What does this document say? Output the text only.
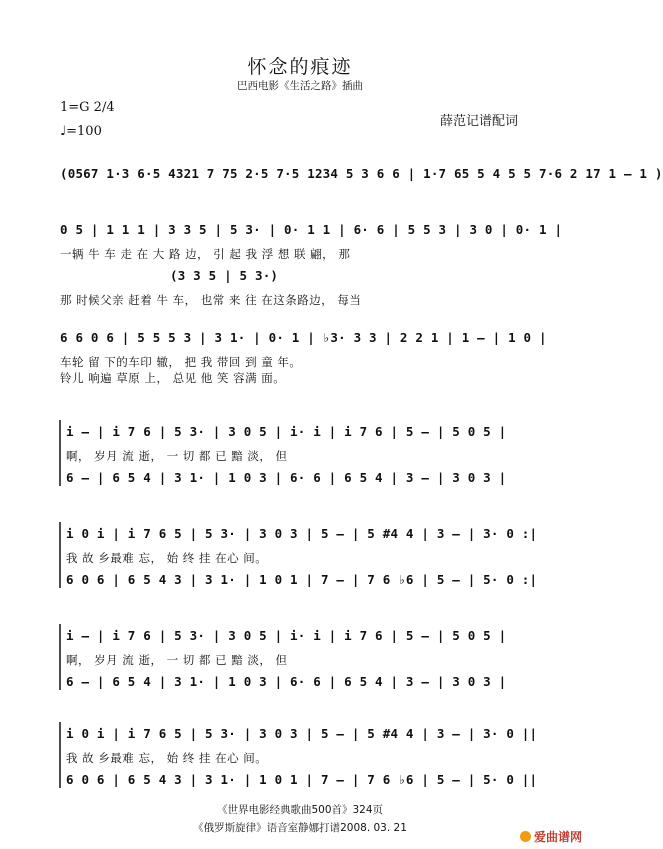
怀念的痕迹
巴西电影《生活之路》插曲
1=G 2/4
♩=100
薛范记谱配词
(0567 1·3 6·5 4321 7 75 2·5 7·5 1234 5 3 6 6 | 1·7 65 5 4 5 5 7·6 2 17 1 – 1 )
0 5 | 1 1 1 | 3 3 5 | 5 3· | 0· 1 1 | 6· 6 | 5 5 3 | 3 0 | 0· 1 |
一辆 牛 车 走 在 大 路 边， 引 起 我 浮 想 联 翩， 那
(3 3 5 | 5 3·)
那 时候父亲 赶着 牛 车， 也常 来 往 在这条路边， 每当
6 6 0 6 | 5 5 5 3 | 3 1· | 0· 1 | ♭3· 3 3 | 2 2 1 | 1 – | 1 0 |
车轮 留 下的车印 辙， 把 我 带回 到 童 年。
铃儿 响遍 草原 上， 总见 他 笑 容满 面。
i – | i 7 6 | 5 3· | 3 0 5 | i· i | i 7 6 | 5 – | 5 0 5 |
啊， 岁月 流 逝， 一 切 都 已 黯 淡， 但
6 – | 6 5 4 | 3 1· | 1 0 3 | 6· 6 | 6 5 4 | 3 – | 3 0 3 |
i 0 i | i 7 6 5 | 5 3· | 3 0 3 | 5 – | 5 #4 4 | 3 – | 3· 0 :|
我 故 乡最难 忘， 始 终 挂 在心 间。
6 0 6 | 6 5 4 3 | 3 1· | 1 0 1 | 7 – | 7 6 ♭6 | 5 – | 5· 0 :|
i – | i 7 6 | 5 3· | 3 0 5 | i· i | i 7 6 | 5 – | 5 0 5 |
啊， 岁月 流 逝， 一 切 都 已 黯 淡， 但
6 – | 6 5 4 | 3 1· | 1 0 3 | 6· 6 | 6 5 4 | 3 – | 3 0 3 |
i 0 i | i 7 6 5 | 5 3· | 3 0 3 | 5 – | 5 #4 4 | 3 – | 3· 0 ||
我 故 乡最难 忘， 始 终 挂 在心 间。
6 0 6 | 6 5 4 3 | 3 1· | 1 0 1 | 7 – | 7 6 ♭6 | 5 – | 5· 0 ||
《世界电影经典歌曲500首》324页
《俄罗斯旋律》语音室静娜打谱2008. 03. 21
爱曲谱网
